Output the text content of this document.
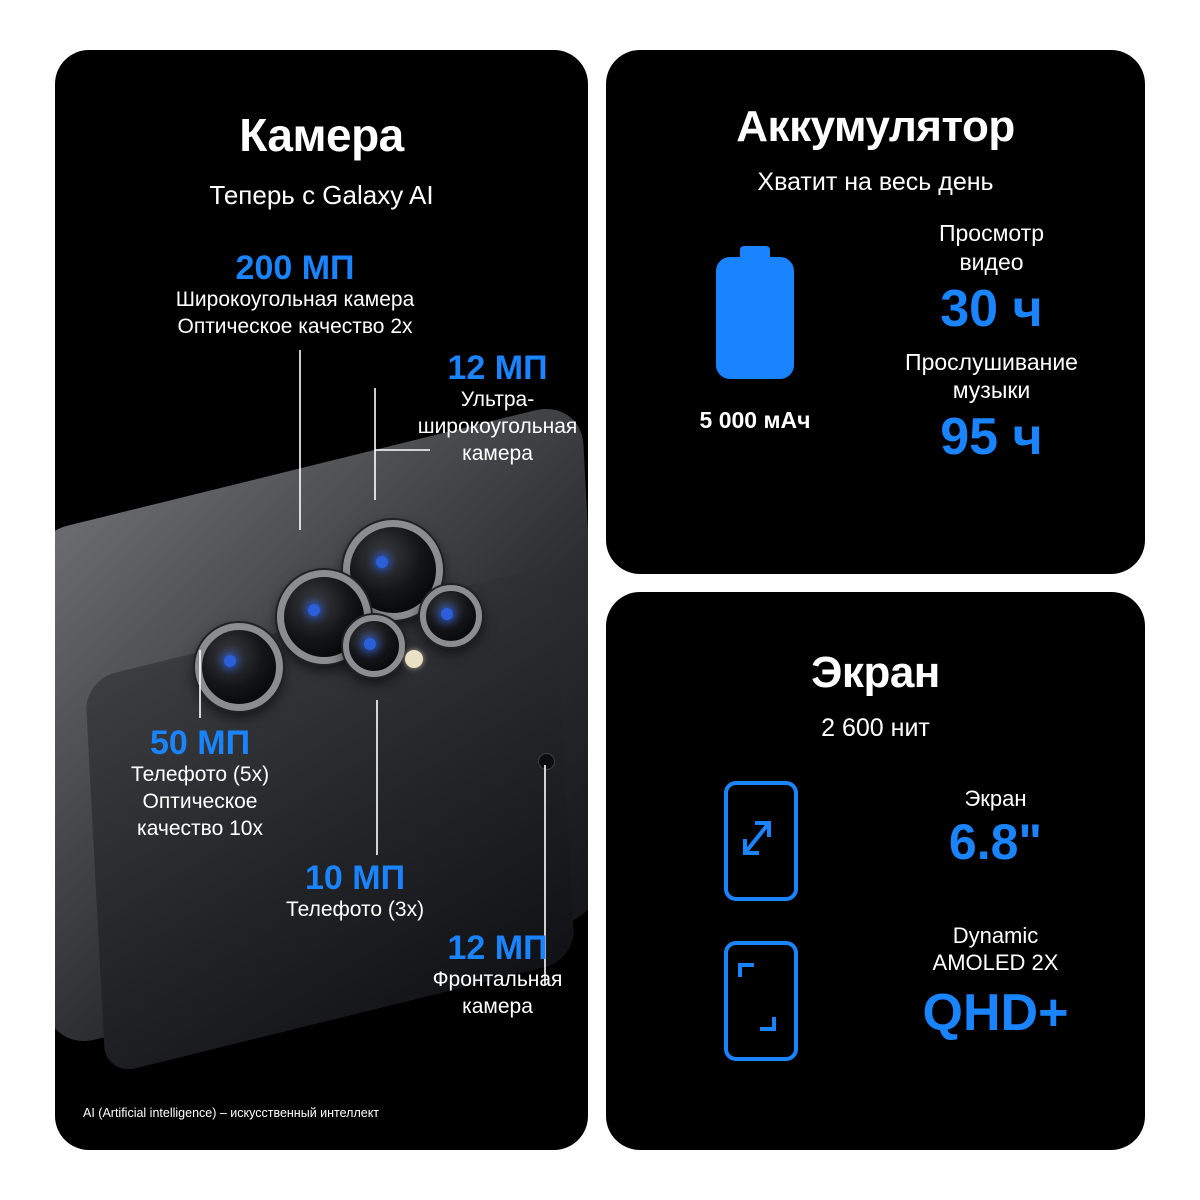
Камера

Теперь с Galaxy AI

200 МП
Широкоугольная камера
Оптическое качество 2x
12 МП
Ультра-
широкоугольная
камера
50 МП
Телефото (5x)
Оптическое
качество 10x
10 МП
Телефото (3x)
12 МП
Фронтальная
камера
AI (Artificial intelligence) – искусственный интеллект
Аккумулятор

Хватит на весь день

5 000 мАч
Просмотр
видео
30 ч
Прослушивание
музыки
95 ч
Экран

2 600 нит

Экран
6.8"
Dynamic
AMOLED 2X
QHD+
